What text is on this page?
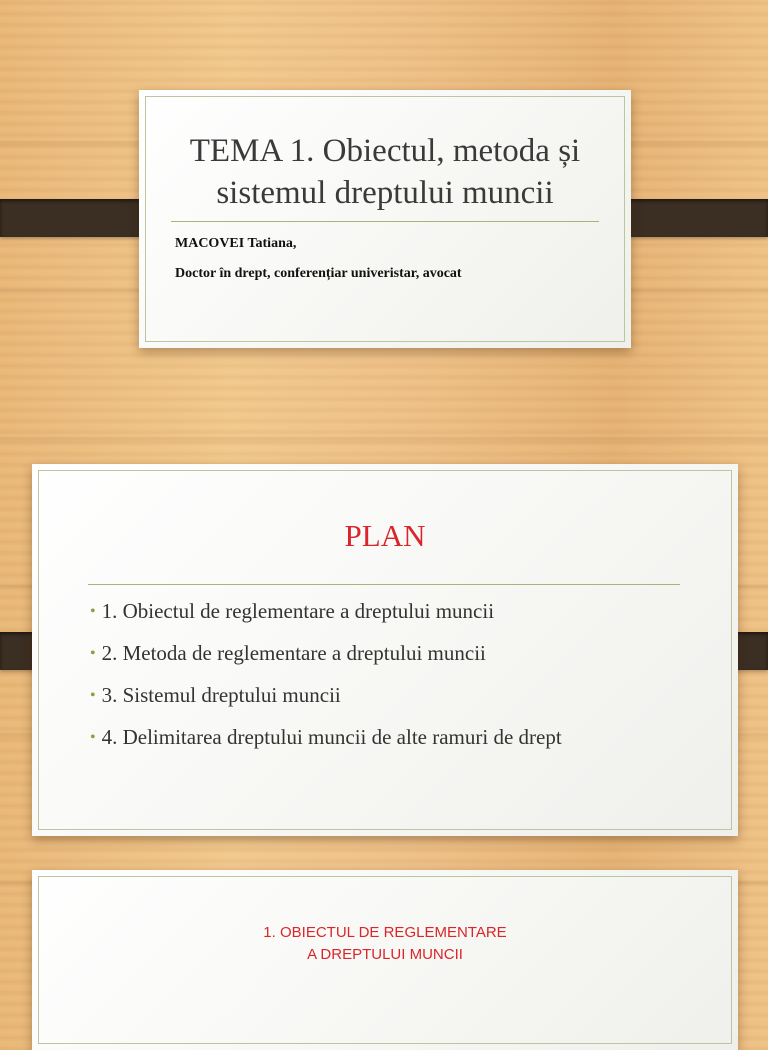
TEMA 1. Obiectul, metoda și
sistemul dreptului muncii
MACOVEI Tatiana,
Doctor în drept, conferențiar univeristar, avocat
PLAN
• 1. Obiectul de reglementare a dreptului muncii
• 2. Metoda de reglementare a dreptului muncii
• 3. Sistemul dreptului muncii
• 4. Delimitarea dreptului muncii de alte ramuri de drept
1. OBIECTUL DE REGLEMENTARE
A DREPTULUI MUNCII
